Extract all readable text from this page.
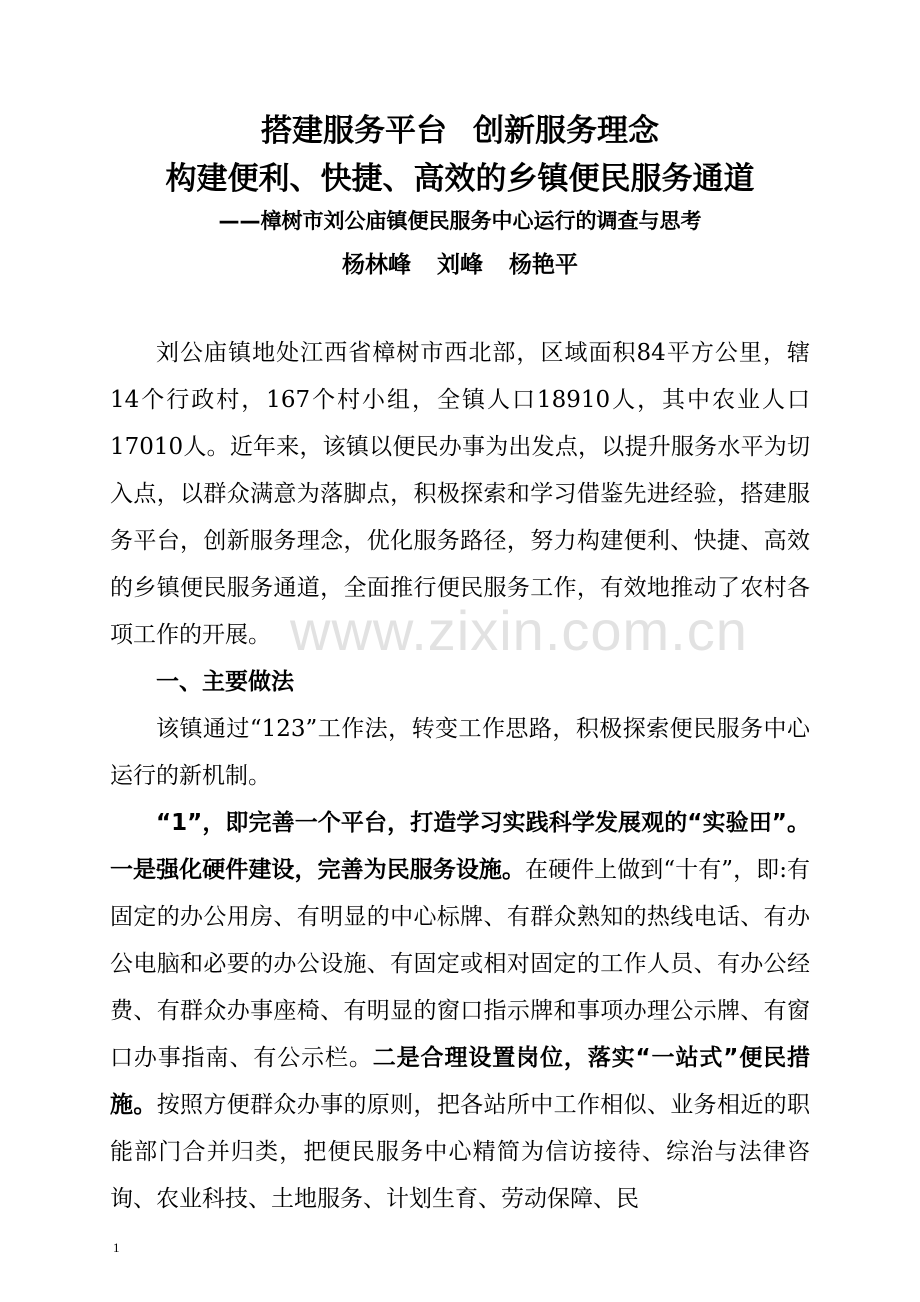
搭建服务平台 创新服务理念
构建便利、快捷、高效的乡镇便民服务通道
——樟树市刘公庙镇便民服务中心运行的调查与思考
杨林峰 刘峰 杨艳平

刘公庙镇地处江西省樟树市西北部，区域面积84平方公里，辖14个行政村，167个村小组，全镇人口18910人，其中农业人口17010人。近年来，该镇以便民办事为出发点，以提升服务水平为切入点，以群众满意为落脚点，积极探索和学习借鉴先进经验，搭建服务平台，创新服务理念，优化服务路径，努力构建便利、快捷、高效的乡镇便民服务通道，全面推行便民服务工作，有效地推动了农村各项工作的开展。

一、主要做法

该镇通过“123”工作法，转变工作思路，积极探索便民服务中心运行的新机制。

“1”，即完善一个平台，打造学习实践科学发展观的“实验田”。一是强化硬件建设，完善为民服务设施。在硬件上做到“十有”，即:有固定的办公用房、有明显的中心标牌、有群众熟知的热线电话、有办公电脑和必要的办公设施、有固定或相对固定的工作人员、有办公经费、有群众办事座椅、有明显的窗口指示牌和事项办理公示牌、有窗口办事指南、有公示栏。二是合理设置岗位，落实“一站式”便民措施。按照方便群众办事的原则，把各站所中工作相似、业务相近的职能部门合并归类，把便民服务中心精简为信访接待、综治与法律咨询、农业科技、土地服务、计划生育、劳动保障、民

www.zixin.com.cn
1
